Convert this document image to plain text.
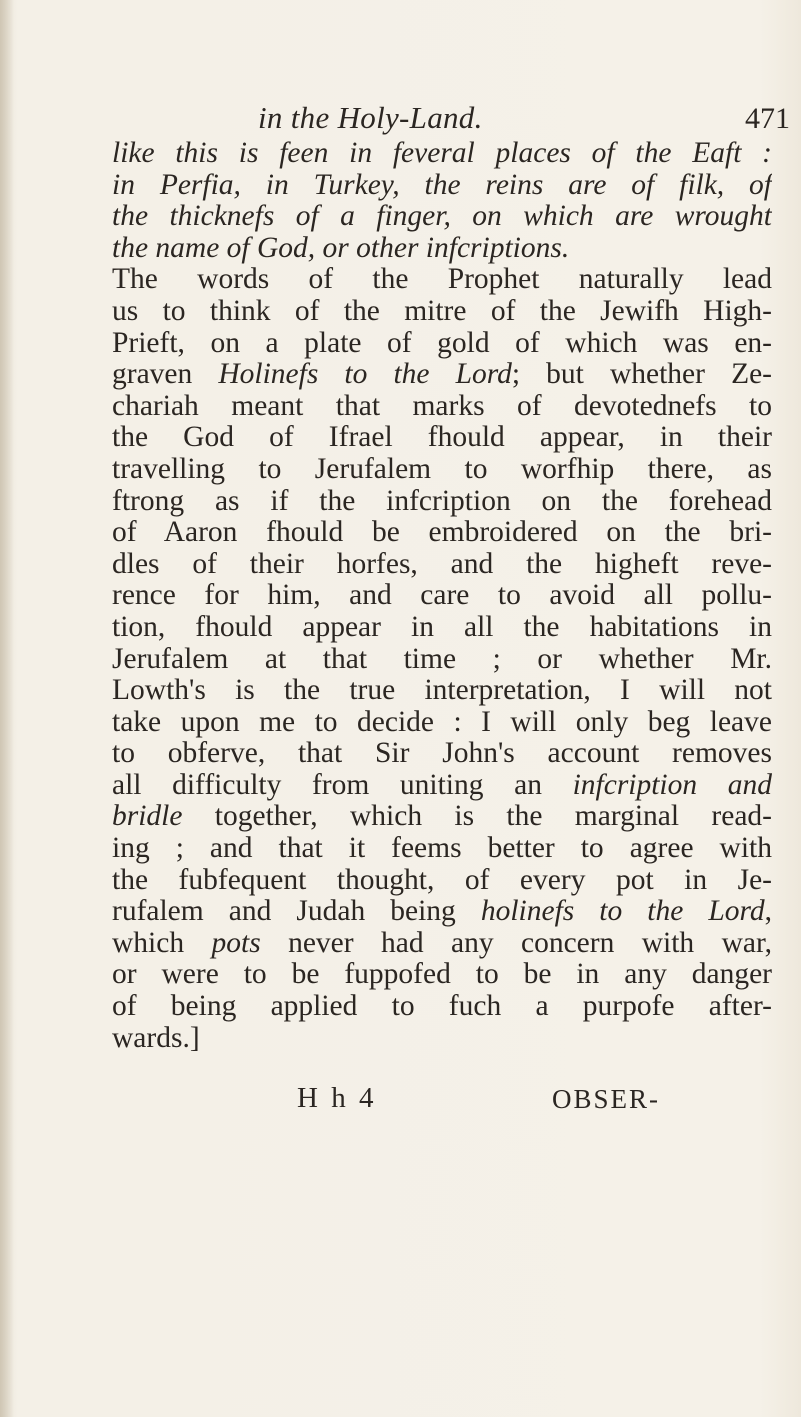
in the Holy-Land.	471
like this is feen in feveral places of the Eaft :
in Perfia, in Turkey, the reins are of filk, of
the thicknefs of a finger, on which are wrought
the name of God, or other infcriptions.
The words of the Prophet naturally lead
us to think of the mitre of the Jewifh High-
Prieft, on a plate of gold of which was en-
graven Holinefs to the Lord; but whether Ze-
chariah meant that marks of devotednefs to
the God of Ifrael fhould appear, in their
travelling to Jerufalem to worfhip there, as
ftrong as if the infcription on the forehead
of Aaron fhould be embroidered on the bri-
dles of their horfes, and the higheft reve-
rence for him, and care to avoid all pollu-
tion, fhould appear in all the habitations in
Jerufalem at that time ; or whether Mr.
Lowth's is the true interpretation, I will not
take upon me to decide : I will only beg leave
to obferve, that Sir John's account removes
all difficulty from uniting an infcription and
bridle together, which is the marginal read-
ing ; and that it feems better to agree with
the fubfequent thought, of every pot in Je-
rufalem and Judah being holinefs to the Lord,
which pots never had any concern with war,
or were to be fuppofed to be in any danger
of being applied to fuch a purpofe after-
wards.]
H h 4	OBSER-
